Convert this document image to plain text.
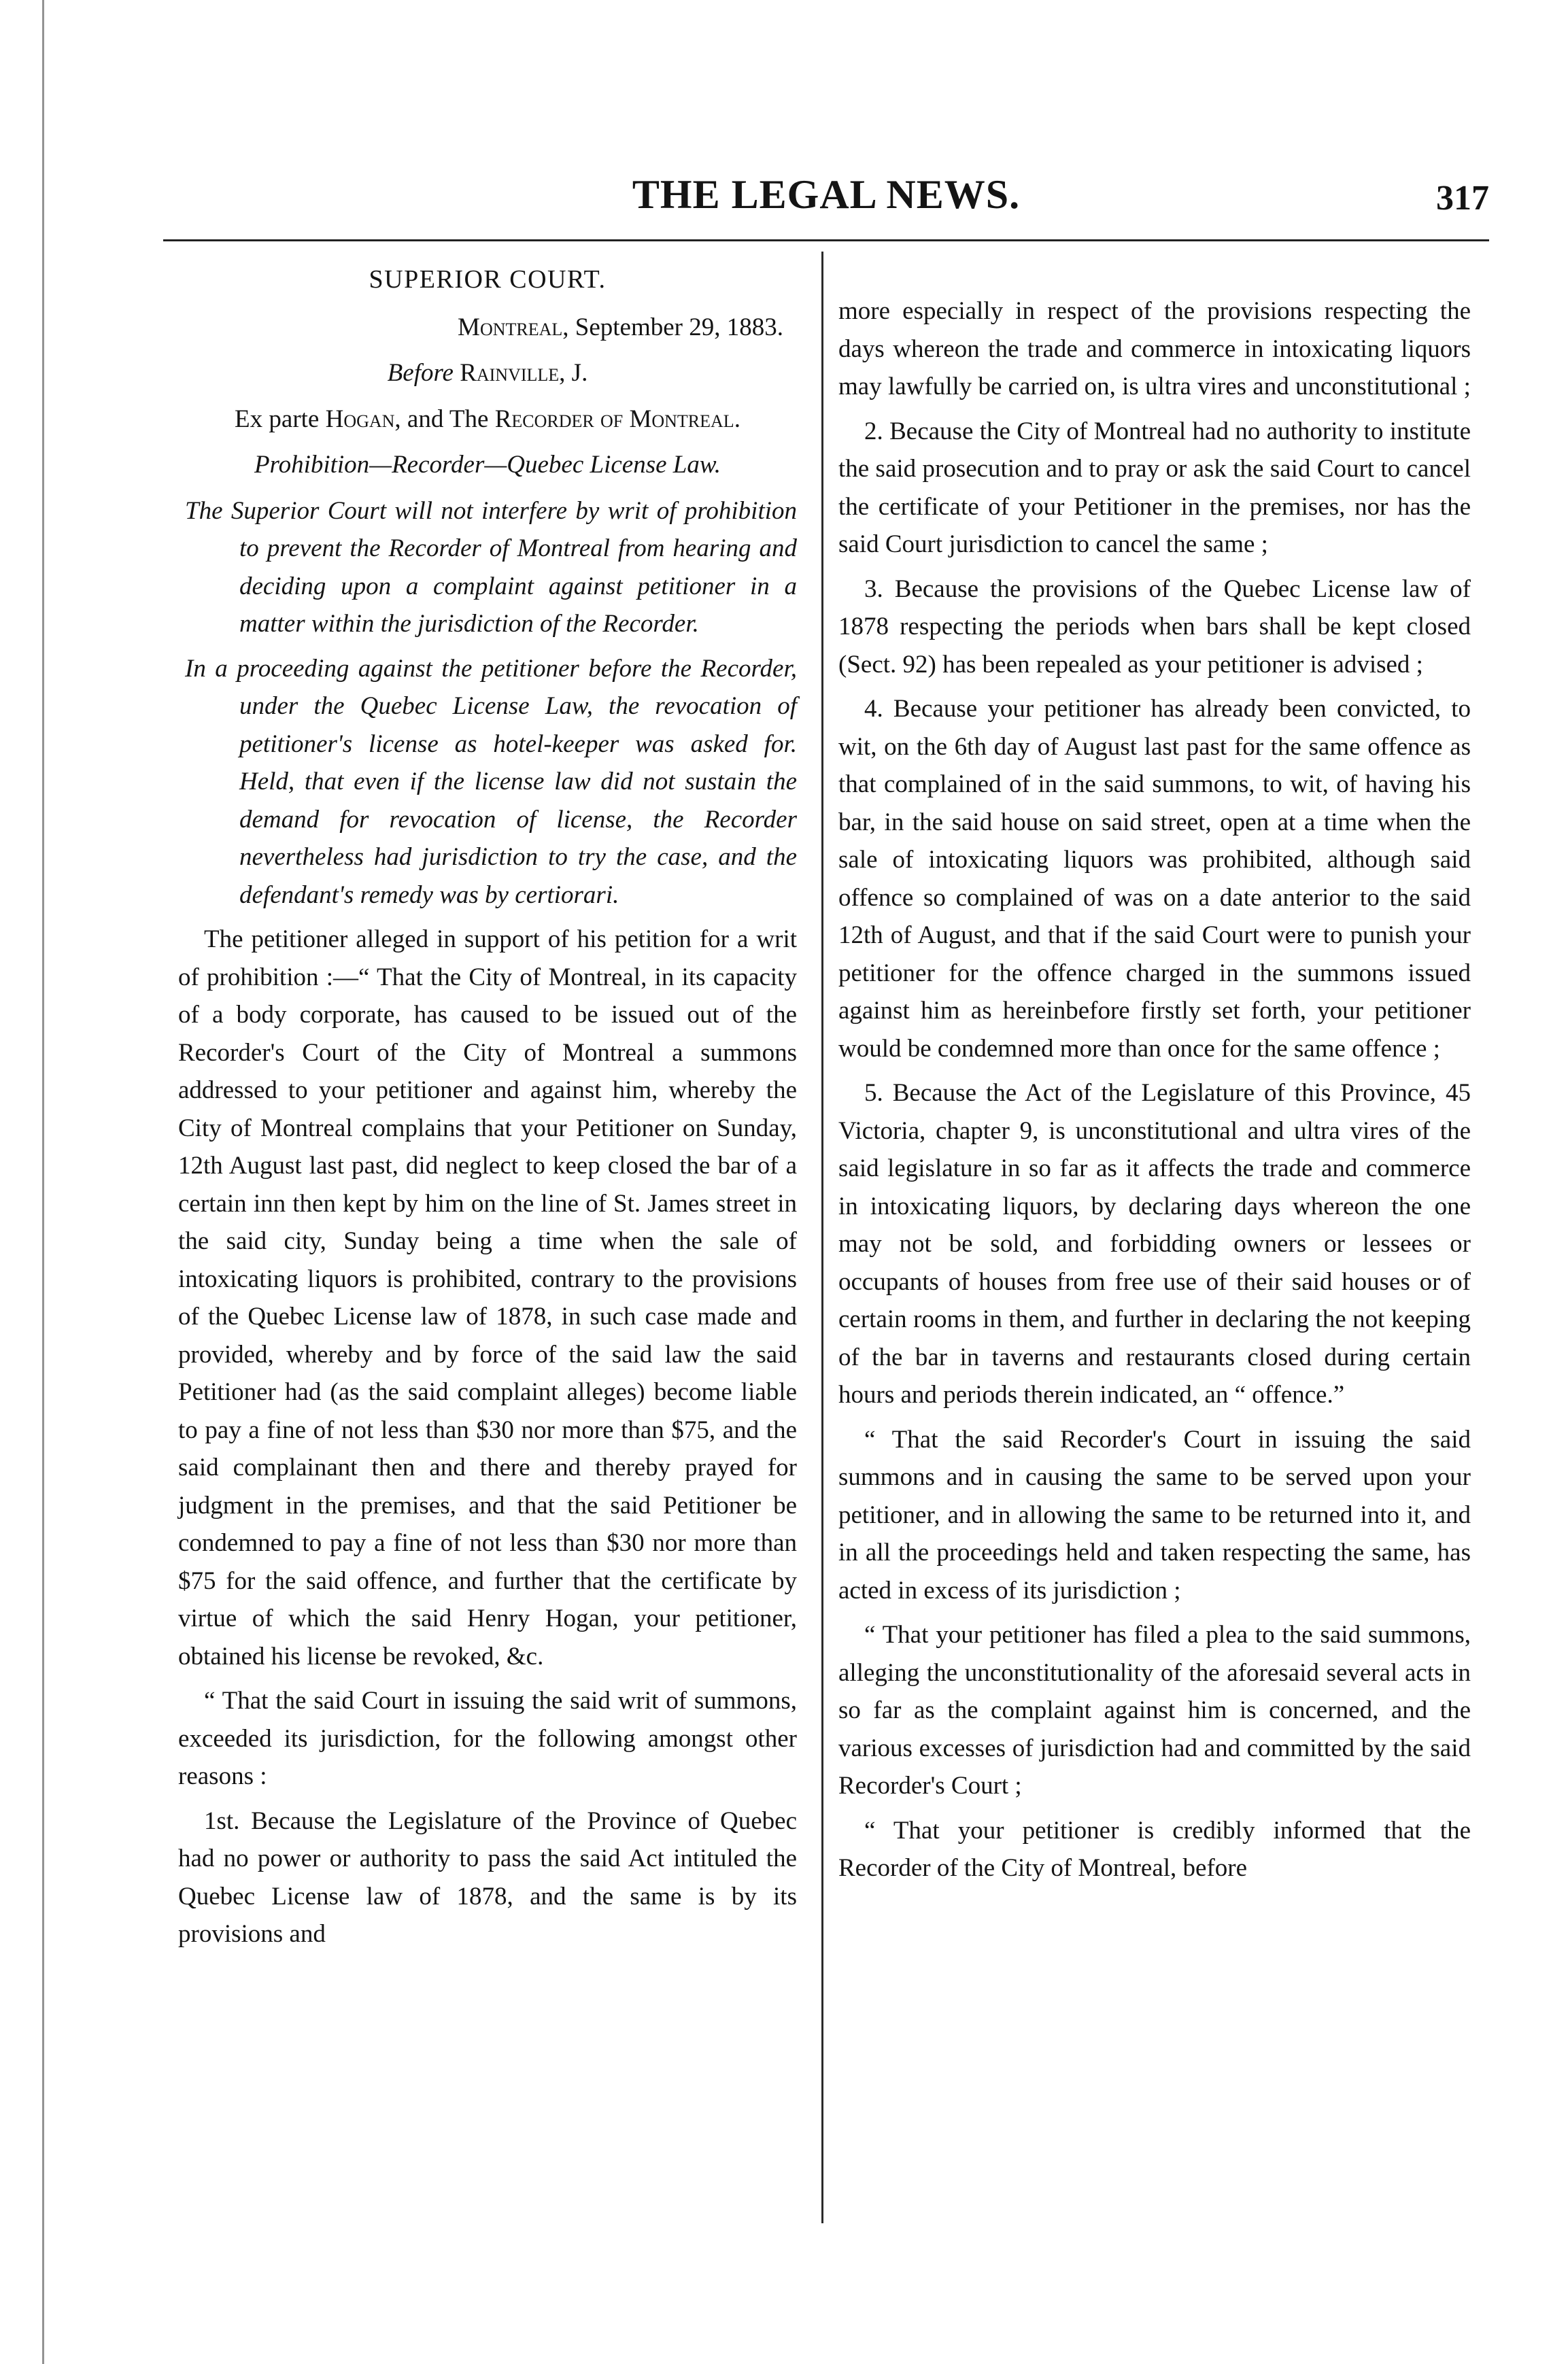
THE LEGAL NEWS.	317
SUPERIOR COURT.
Montreal, September 29, 1883.
Before Rainville, J.
Ex parte Hogan, and The Recorder of Montreal.
Prohibition—Recorder—Quebec License Law.

The Superior Court will not interfere by writ of prohibition to prevent the Recorder of Montreal from hearing and deciding upon a complaint against petitioner in a matter within the jurisdiction of the Recorder.

In a proceeding against the petitioner before the Recorder, under the Quebec License Law, the revocation of petitioner's license as hotel-keeper was asked for. Held, that even if the license law did not sustain the demand for revocation of license, the Recorder nevertheless had jurisdiction to try the case, and the defendant's remedy was by certiorari.

The petitioner alleged in support of his petition for a writ of prohibition :—“ That the City of Montreal, in its capacity of a body corporate, has caused to be issued out of the Recorder's Court of the City of Montreal a summons addressed to your petitioner and against him, whereby the City of Montreal complains that your Petitioner on Sunday, 12th August last past, did neglect to keep closed the bar of a certain inn then kept by him on the line of St. James street in the said city, Sunday being a time when the sale of intoxicating liquors is prohibited, contrary to the provisions of the Quebec License law of 1878, in such case made and provided, whereby and by force of the said law the said Petitioner had (as the said complaint alleges) become liable to pay a fine of not less than $30 nor more than $75, and the said complainant then and there and thereby prayed for judgment in the premises, and that the said Petitioner be condemned to pay a fine of not less than $30 nor more than $75 for the said offence, and further that the certificate by virtue of which the said Henry Hogan, your petitioner, obtained his license be revoked, &c.

“ That the said Court in issuing the said writ of summons, exceeded its jurisdiction, for the following amongst other reasons :

1st. Because the Legislature of the Province of Quebec had no power or authority to pass the said Act intituled the Quebec License law of 1878, and the same is by its provisions and

more especially in respect of the provisions respecting the days whereon the trade and commerce in intoxicating liquors may lawfully be carried on, is ultra vires and unconstitutional ;

2. Because the City of Montreal had no authority to institute the said prosecution and to pray or ask the said Court to cancel the certificate of your Petitioner in the premises, nor has the said Court jurisdiction to cancel the same ;

3. Because the provisions of the Quebec License law of 1878 respecting the periods when bars shall be kept closed (Sect. 92) has been repealed as your petitioner is advised ;

4. Because your petitioner has already been convicted, to wit, on the 6th day of August last past for the same offence as that complained of in the said summons, to wit, of having his bar, in the said house on said street, open at a time when the sale of intoxicating liquors was prohibited, although said offence so complained of was on a date anterior to the said 12th of August, and that if the said Court were to punish your petitioner for the offence charged in the summons issued against him as hereinbefore firstly set forth, your petitioner would be condemned more than once for the same offence ;

5. Because the Act of the Legislature of this Province, 45 Victoria, chapter 9, is unconstitutional and ultra vires of the said legislature in so far as it affects the trade and commerce in intoxicating liquors, by declaring days whereon the one may not be sold, and forbidding owners or lessees or occupants of houses from free use of their said houses or of certain rooms in them, and further in declaring the not keeping of the bar in taverns and restaurants closed during certain hours and periods therein indicated, an “ offence.”

“ That the said Recorder's Court in issuing the said summons and in causing the same to be served upon your petitioner, and in allowing the same to be returned into it, and in all the proceedings held and taken respecting the same, has acted in excess of its jurisdiction ;

“ That your petitioner has filed a plea to the said summons, alleging the unconstitutionality of the aforesaid several acts in so far as the complaint against him is concerned, and the various excesses of jurisdiction had and committed by the said Recorder's Court ;

“ That your petitioner is credibly informed that the Recorder of the City of Montreal, before
